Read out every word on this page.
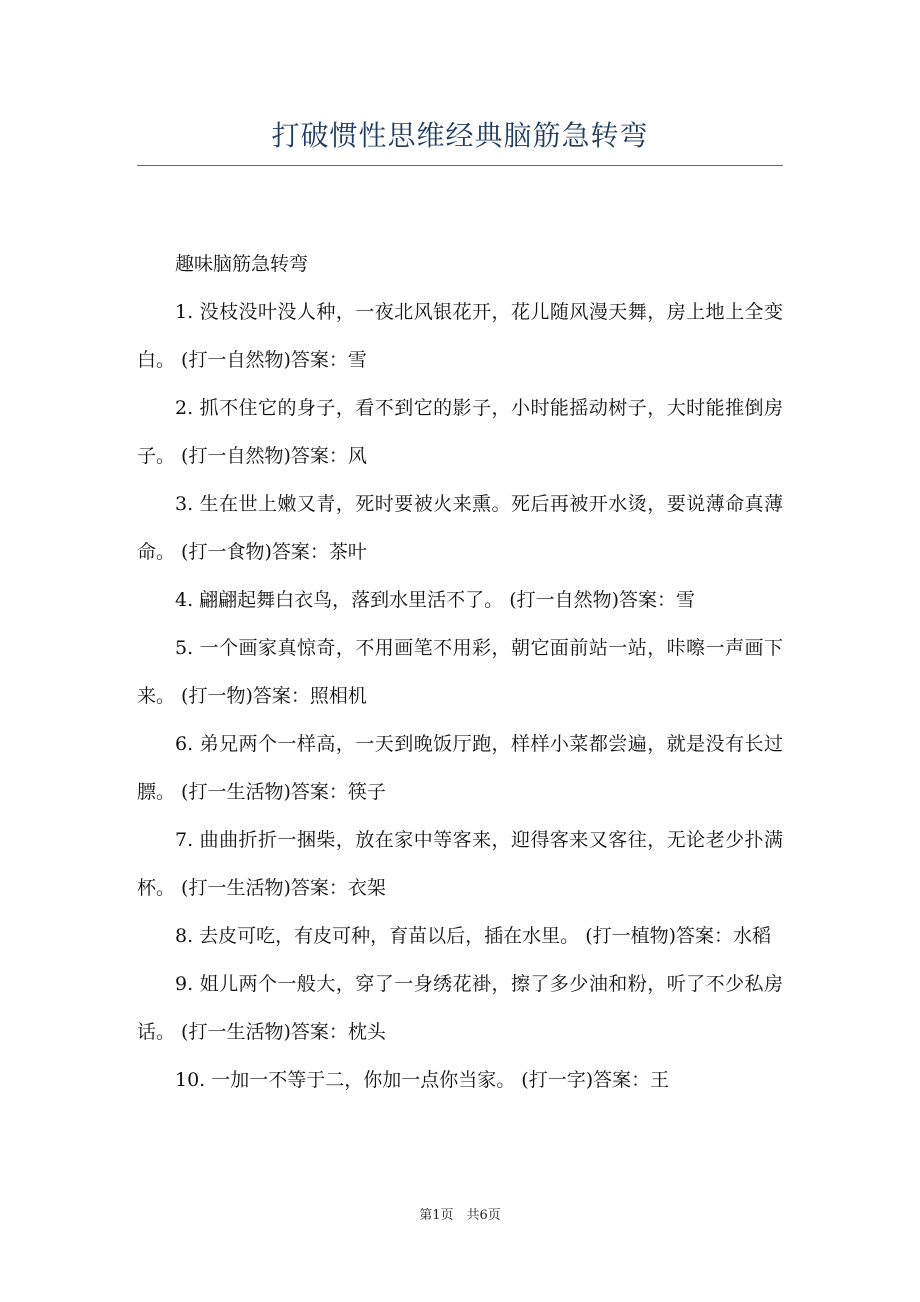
打破惯性思维经典脑筋急转弯

趣味脑筋急转弯

1. 没枝没叶没人种，一夜北风银花开，花儿随风漫天舞，房上地上全变白。 (打一自然物)答案：雪

2. 抓不住它的身子，看不到它的影子，小时能摇动树子，大时能推倒房子。 (打一自然物)答案：风

3. 生在世上嫩又青，死时要被火来熏。死后再被开水烫，要说薄命真薄命。 (打一食物)答案：茶叶

4. 翩翩起舞白衣鸟，落到水里活不了。 (打一自然物)答案：雪

5. 一个画家真惊奇，不用画笔不用彩，朝它面前站一站，咔嚓一声画下来。 (打一物)答案：照相机

6. 弟兄两个一样高，一天到晚饭厅跑，样样小菜都尝遍，就是没有长过膘。 (打一生活物)答案：筷子

7. 曲曲折折一捆柴，放在家中等客来，迎得客来又客往，无论老少扑满杯。 (打一生活物)答案：衣架

8. 去皮可吃，有皮可种，育苗以后，插在水里。 (打一植物)答案：水稻

9. 姐儿两个一般大，穿了一身绣花褂，擦了多少油和粉，听了不少私房话。 (打一生活物)答案：枕头

10. 一加一不等于二，你加一点你当家。 (打一字)答案：王

第1页　共6页
